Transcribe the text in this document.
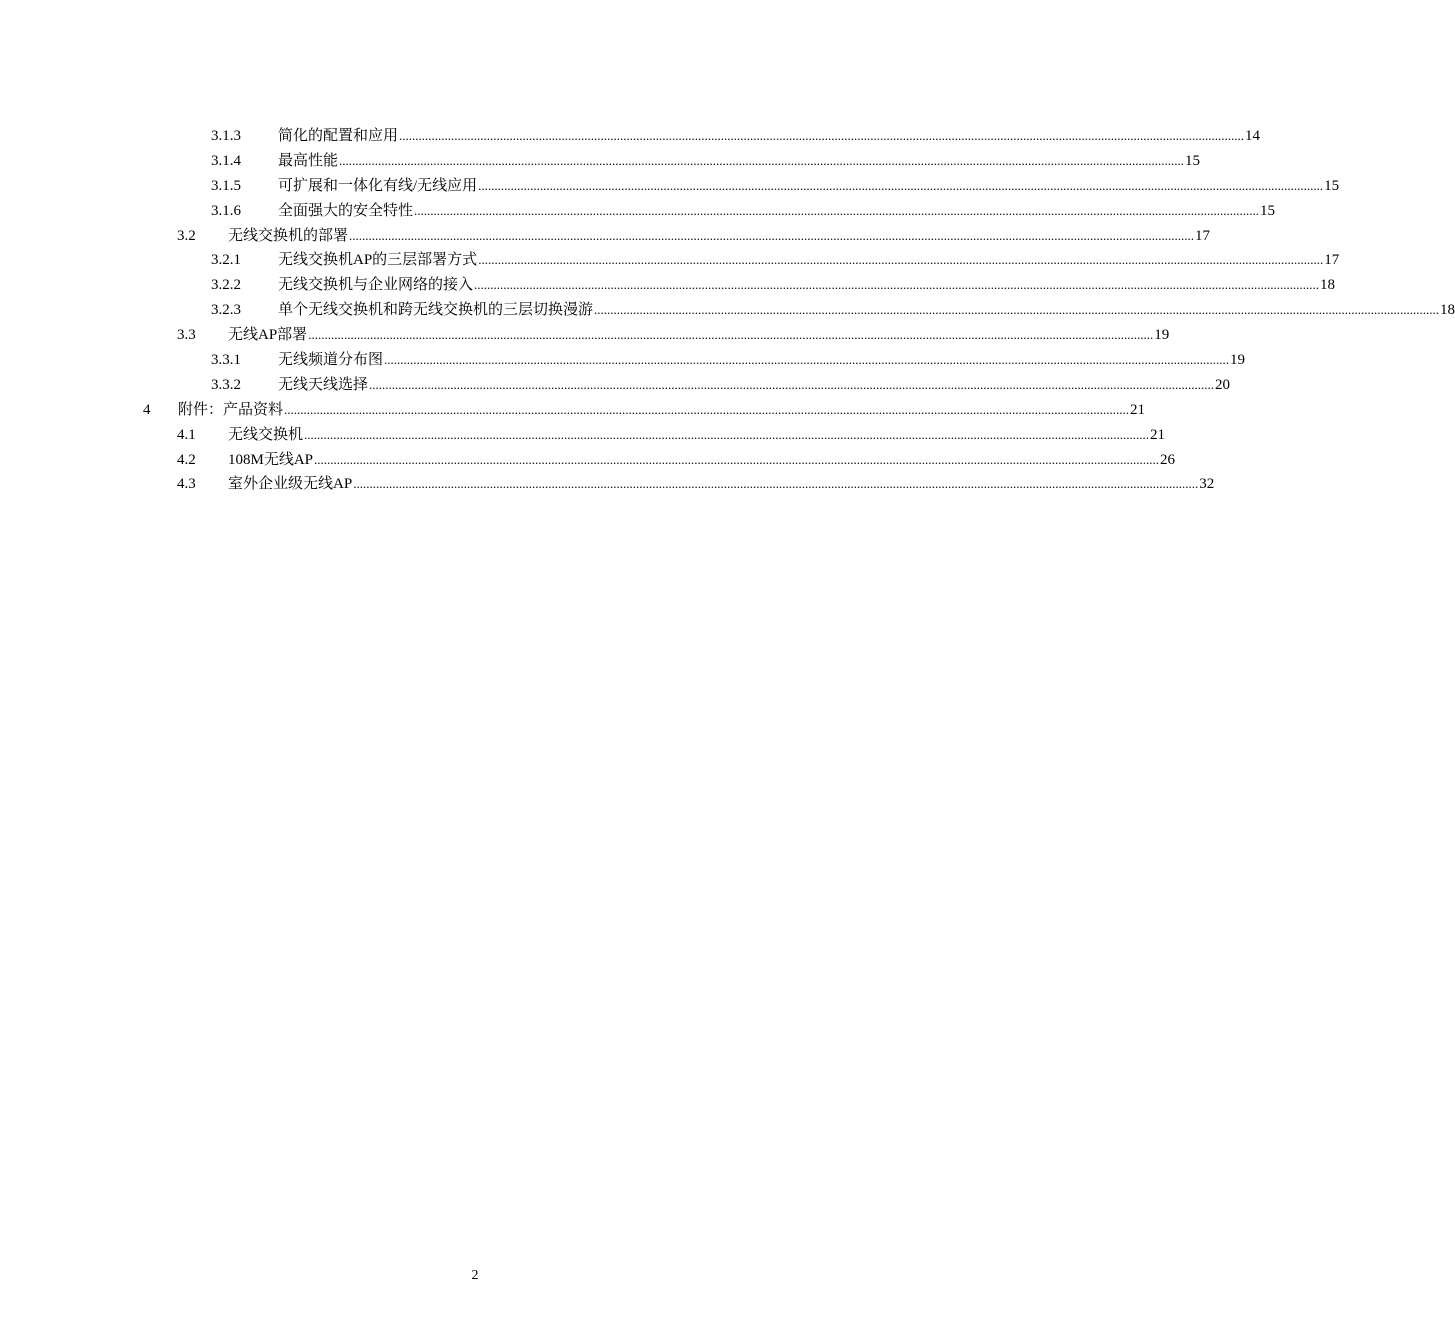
3.1.3 简化的配置和应用 .................................................................................................................................................................................................................................................................... 14
3.1.4 最高性能 .................................................................................................................................................................................................................................................................... 15
3.1.5 可扩展和一体化有线/无线应用 .................................................................................................................................................................................................................................................................... 15
3.1.6 全面强大的安全特性 .................................................................................................................................................................................................................................................................... 15
3.2 无线交换机的部署 .................................................................................................................................................................................................................................................................... 17
3.2.1 无线交换机AP的三层部署方式 .................................................................................................................................................................................................................................................................... 17
3.2.2 无线交换机与企业网络的接入 .................................................................................................................................................................................................................................................................... 18
3.2.3 单个无线交换机和跨无线交换机的三层切换漫游 .................................................................................................................................................................................................................................................................... 18
3.3 无线AP部署 .................................................................................................................................................................................................................................................................... 19
3.3.1 无线频道分布图 .................................................................................................................................................................................................................................................................... 19
3.3.2 无线天线选择 .................................................................................................................................................................................................................................................................... 20
4 附件：产品资料 .................................................................................................................................................................................................................................................................... 21
4.1 无线交换机 .................................................................................................................................................................................................................................................................... 21
4.2 108M无线AP .................................................................................................................................................................................................................................................................... 26
4.3 室外企业级无线AP .................................................................................................................................................................................................................................................................... 32
2
